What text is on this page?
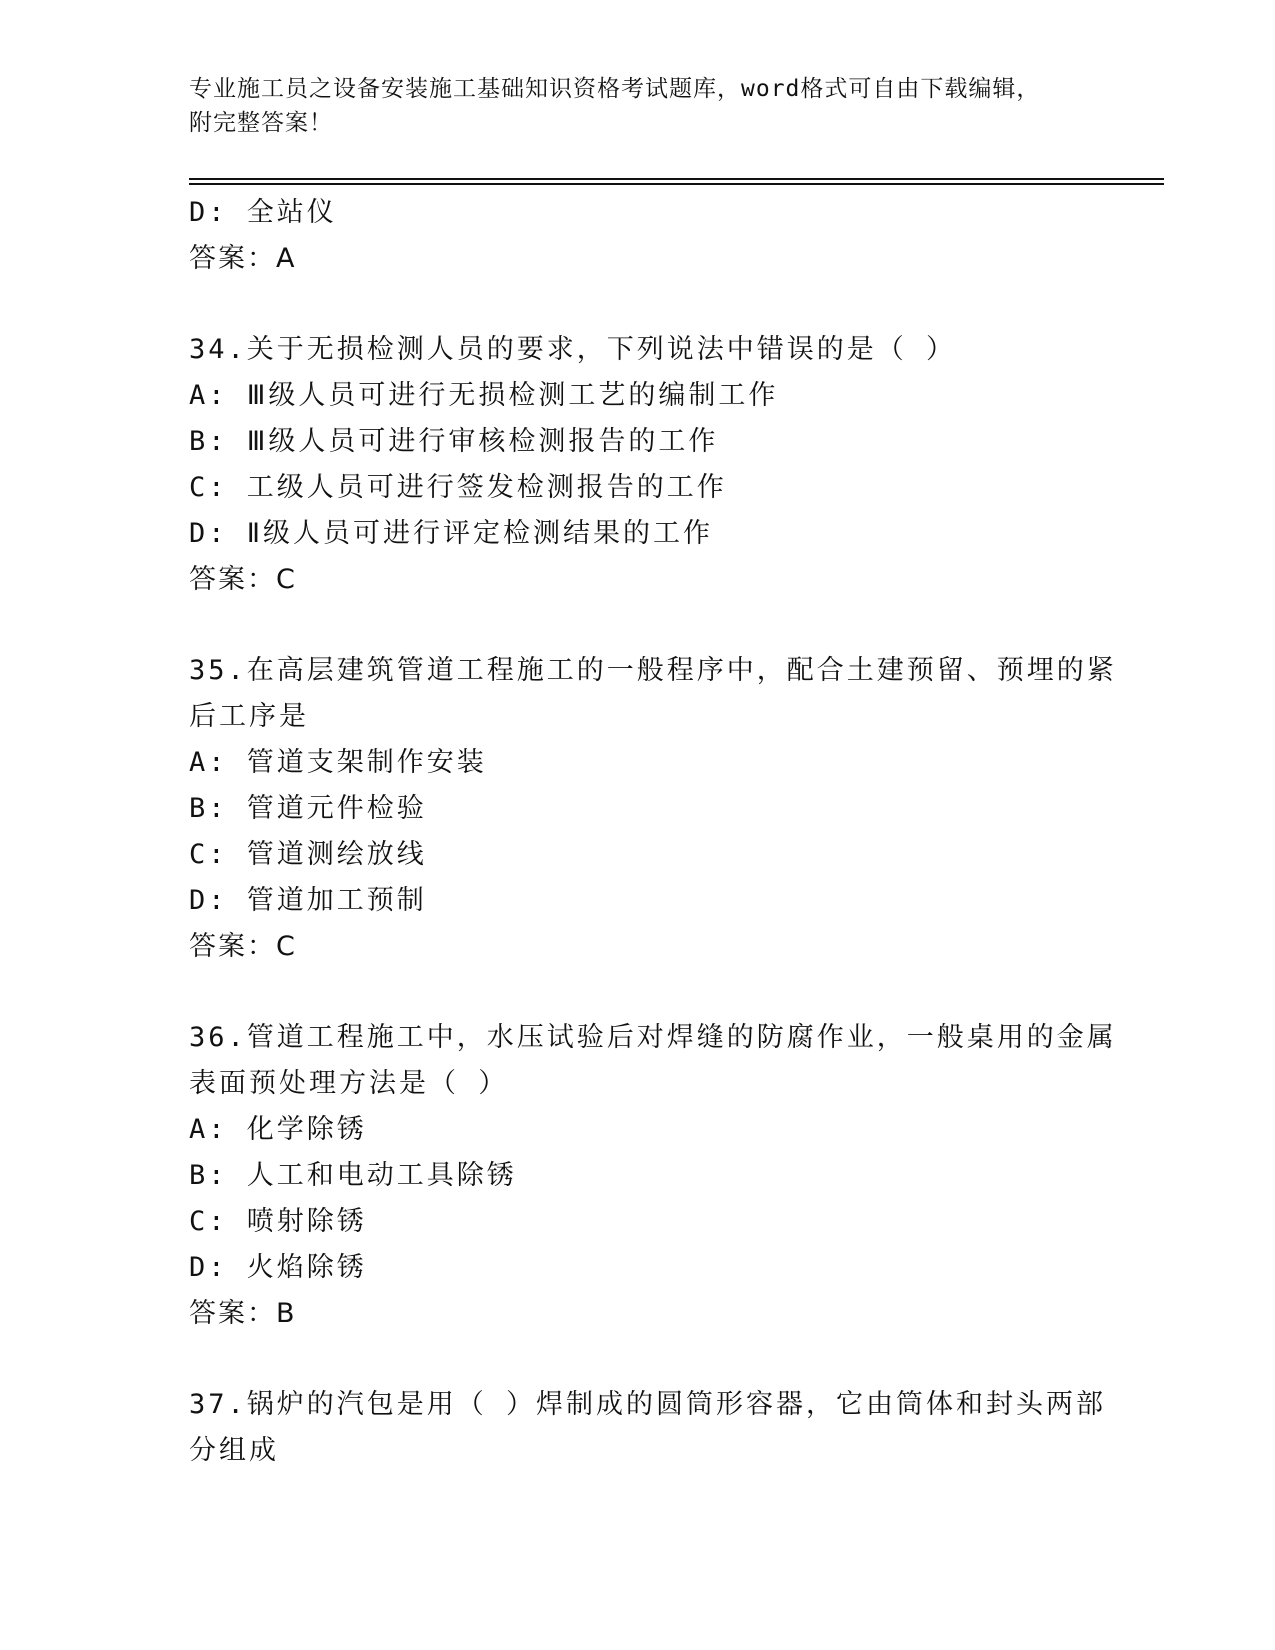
专业施工员之设备安装施工基础知识资格考试题库，word格式可自由下载编辑，
附完整答案！
D: 全站仪
答案：A
34.关于无损检测人员的要求，下列说法中错误的是（ ）
A: Ⅲ级人员可进行无损检测工艺的编制工作
B: Ⅲ级人员可进行审核检测报告的工作
C: 工级人员可进行签发检测报告的工作
D: Ⅱ级人员可进行评定检测结果的工作
答案：C
35.在高层建筑管道工程施工的一般程序中，配合土建预留、预埋的紧
后工序是
A: 管道支架制作安装
B: 管道元件检验
C: 管道测绘放线
D: 管道加工预制
答案：C
36.管道工程施工中，水压试验后对焊缝的防腐作业，一般桌用的金属
表面预处理方法是（ ）
A: 化学除锈
B: 人工和电动工具除锈
C: 喷射除锈
D: 火焰除锈
答案：B
37.锅炉的汽包是用（ ）焊制成的圆筒形容器，它由筒体和封头两部
分组成
